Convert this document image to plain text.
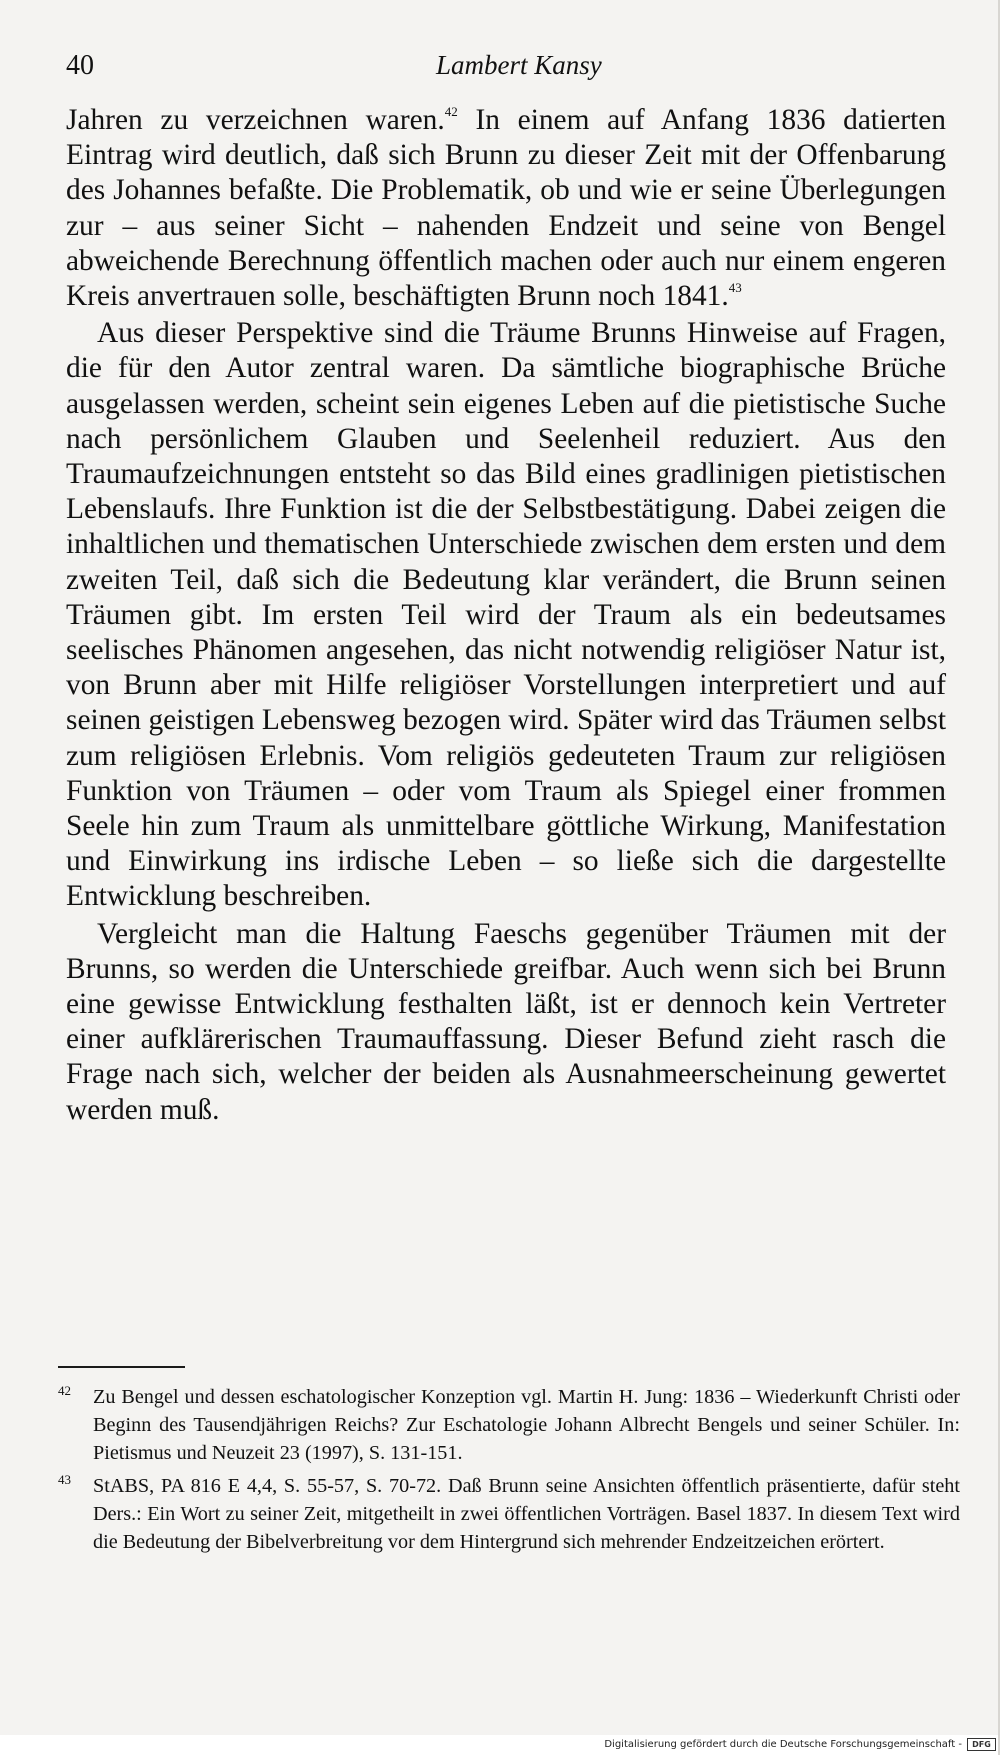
40	Lambert Kansy

Jahren zu verzeichnen waren.$^{42}$ In einem auf Anfang 1836 datierten Eintrag wird deutlich, daß sich Brunn zu dieser Zeit mit der Offenbarung des Johannes befaßte. Die Problematik, ob und wie er seine Überlegungen zur – aus seiner Sicht – nahenden Endzeit und seine von Bengel abweichende Berechnung öffentlich machen oder auch nur einem engeren Kreis anvertrauen solle, beschäftigten Brunn noch 1841.43

Aus dieser Perspektive sind die Träume Brunns Hinweise auf Fragen, die für den Autor zentral waren. Da sämtliche biographische Brüche ausgelassen werden, scheint sein eigenes Leben auf die pietistische Suche nach persönlichem Glauben und Seelenheil reduziert. Aus den Traumaufzeichnungen entsteht so das Bild eines gradlinigen pietistischen Lebenslaufs. Ihre Funktion ist die der Selbstbestätigung. Dabei zeigen die inhaltlichen und thematischen Unterschiede zwischen dem ersten und dem zweiten Teil, daß sich die Bedeutung klar verändert, die Brunn seinen Träumen gibt. Im ersten Teil wird der Traum als ein bedeutsames seelisches Phänomen angesehen, das nicht notwendig religiöser Natur ist, von Brunn aber mit Hilfe religiöser Vorstellungen interpretiert und auf seinen geistigen Lebensweg bezogen wird. Später wird das Träumen selbst zum religiösen Erlebnis. Vom religiös gedeuteten Traum zur religiösen Funktion von Träumen – oder vom Traum als Spiegel einer frommen Seele hin zum Traum als unmittelbare göttliche Wirkung, Manifestation und Einwirkung ins irdische Leben – so ließe sich die dargestellte Entwicklung beschreiben.

Vergleicht man die Haltung Faeschs gegenüber Träumen mit der Brunns, so werden die Unterschiede greifbar. Auch wenn sich bei Brunn eine gewisse Entwicklung festhalten läßt, ist er dennoch kein Vertreter einer aufklärerischen Traumauffassung. Dieser Befund zieht rasch die Frage nach sich, welcher der beiden als Ausnahmeerscheinung gewertet werden muß.

42 Zu Bengel und dessen eschatologischer Konzeption vgl. Martin H. Jung: 1836 – Wiederkunft Christi oder Beginn des Tausendjährigen Reichs? Zur Eschatologie Johann Albrecht Bengels und seiner Schüler. In: Pietismus und Neuzeit 23 (1997), S. 131-151.
43 StABS, PA 816 E 4,4, S. 55-57, S. 70-72. Daß Brunn seine Ansichten öffentlich präsentierte, dafür steht Ders.: Ein Wort zu seiner Zeit, mitgetheilt in zwei öffentlichen Vorträgen. Basel 1837. In diesem Text wird die Bedeutung der Bibelverbreitung vor dem Hintergrund sich mehrender Endzeitzeichen erörtert.
Digitalisierung gefördert durch die Deutsche Forschungsgemeinschaft -	DFG
